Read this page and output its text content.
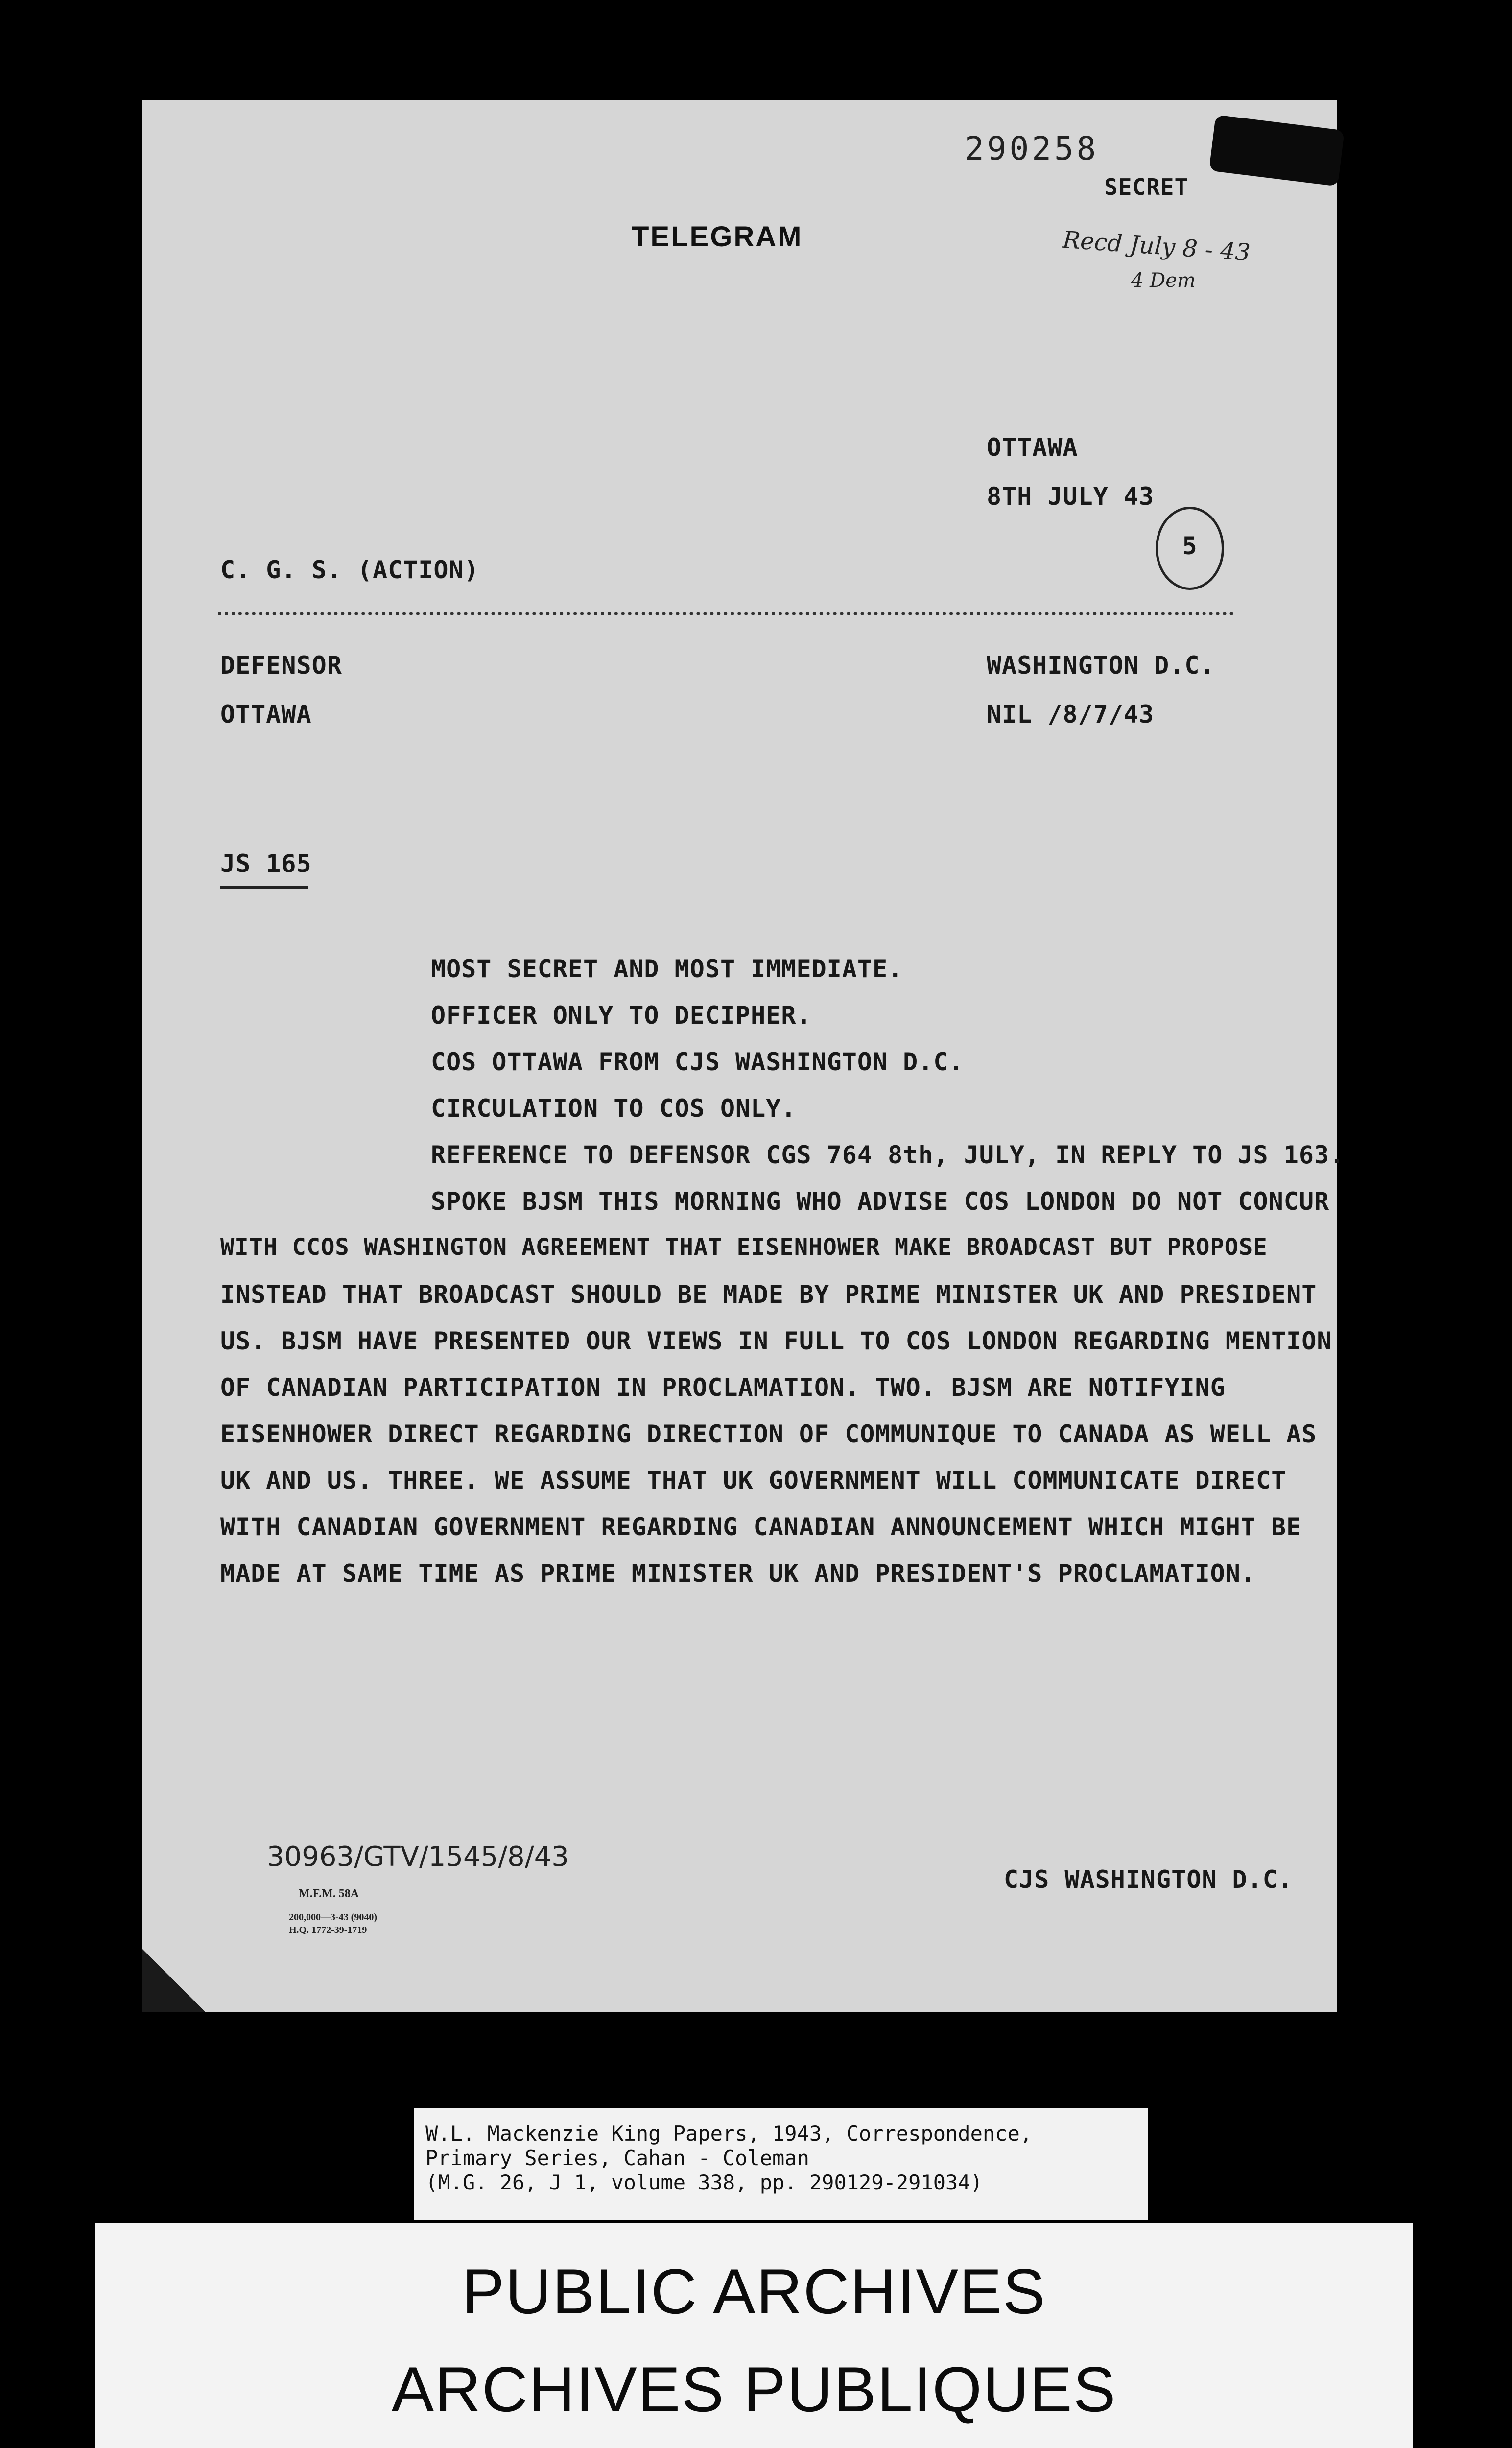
290258
SECRET
TELEGRAM	Recd July 8 - 43
4 Dem
OTTAWA
8TH JULY 43
C. G. S. (ACTION)
5
DEFENSOR
OTTAWA
WASHINGTON D.C.
NIL /8/7/43
JS 165
MOST SECRET AND MOST IMMEDIATE.
OFFICER ONLY TO DECIPHER.
COS OTTAWA FROM CJS WASHINGTON D.C.
CIRCULATION TO COS ONLY.
REFERENCE TO DEFENSOR CGS 764 8th, JULY, IN REPLY TO JS 163.
SPOKE BJSM THIS MORNING WHO ADVISE COS LONDON DO NOT CONCUR
WITH CCOS WASHINGTON AGREEMENT THAT EISENHOWER MAKE BROADCAST BUT PROPOSE
INSTEAD THAT BROADCAST SHOULD BE MADE BY PRIME MINISTER UK AND PRESIDENT
US. BJSM HAVE PRESENTED OUR VIEWS IN FULL TO COS LONDON REGARDING MENTION
OF CANADIAN PARTICIPATION IN PROCLAMATION. TWO. BJSM ARE NOTIFYING
EISENHOWER DIRECT REGARDING DIRECTION OF COMMUNIQUE TO CANADA AS WELL AS
UK AND US. THREE. WE ASSUME THAT UK GOVERNMENT WILL COMMUNICATE DIRECT
WITH CANADIAN GOVERNMENT REGARDING CANADIAN ANNOUNCEMENT WHICH MIGHT BE
MADE AT SAME TIME AS PRIME MINISTER UK AND PRESIDENT'S PROCLAMATION.
30963/GTV/1545/8/43
M.F.M. 58A
200,000—3-43 (9040)
H.Q. 1772-39-1719
CJS WASHINGTON D.C.
W.L. Mackenzie King Papers, 1943, Correspondence,
Primary Series, Cahan - Coleman
(M.G. 26, J 1, volume 338, pp. 290129-291034)
PUBLIC ARCHIVES
ARCHIVES PUBLIQUES
